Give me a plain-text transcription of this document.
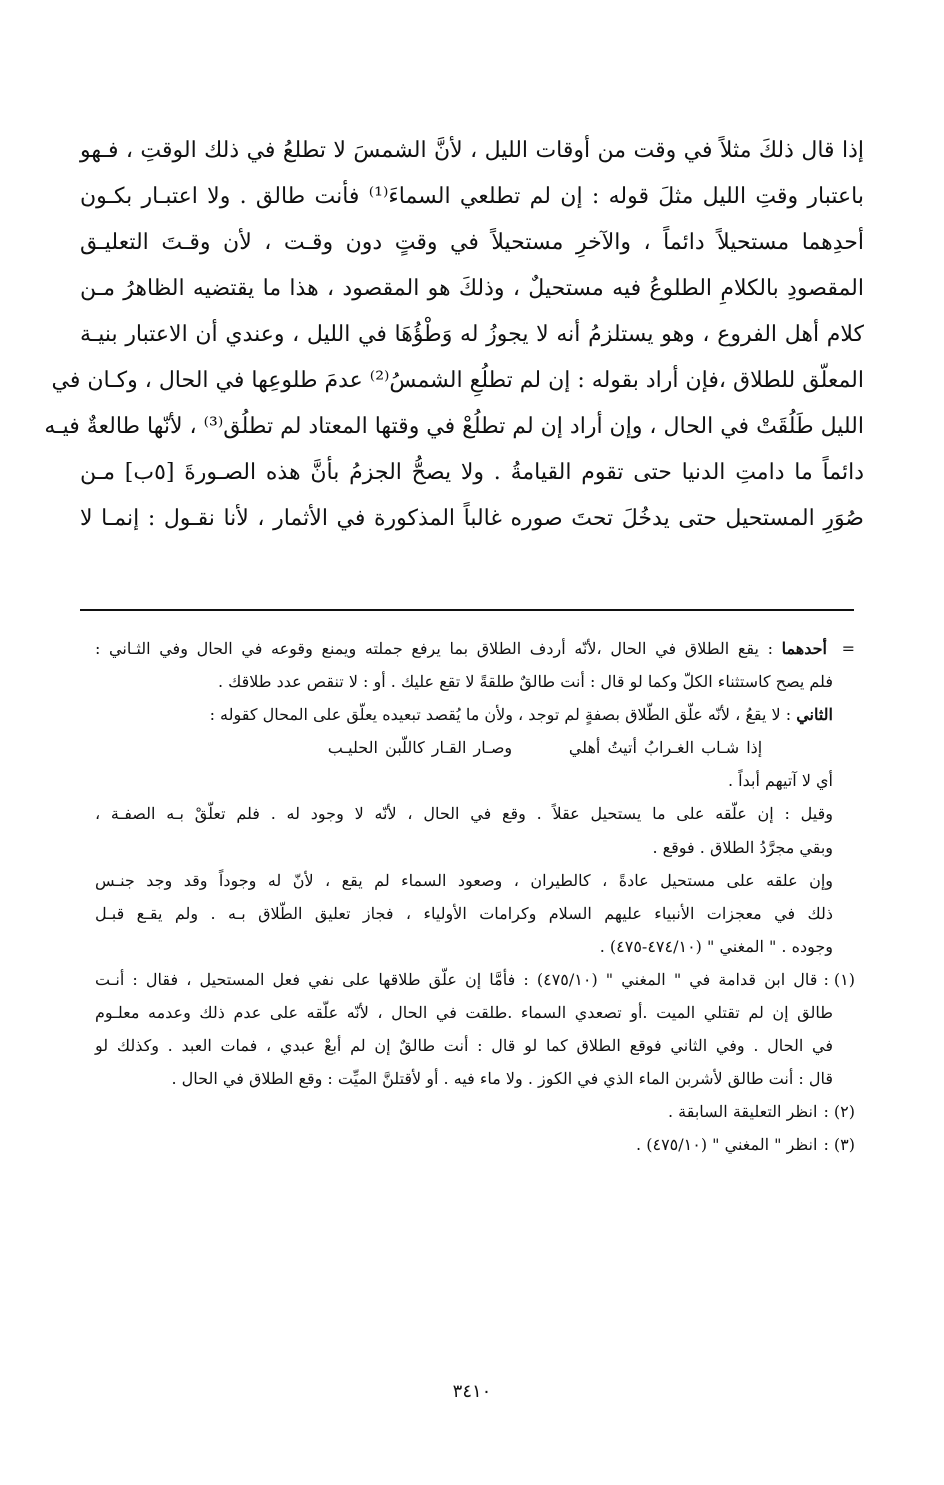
إذا قال ذلكَ مثلاً في وقت من أوقات الليل ، لأنَّ الشمسَ لا تطلعُ في ذلك الوقتِ ، فـهو
باعتبار وقتِ الليل مثلَ قوله : إن لم تطلعي السماءَ⁽¹⁾ فأنت طالق . ولا اعتبـار بكـون
أحدِهما مستحيلاً دائماً ، والآخرِ مستحيلاً في وقتٍ دون وقـت ، لأن وقـتَ التعليـق
المقصودِ بالكلامِ الطلوعُ فيه مستحيلٌ ، وذلكَ هو المقصود ، هذا ما يقتضيه الظاهرُ مـن
كلام أهل الفروع ، وهو يستلزمُ أنه لا يجوزُ له وَطْؤُهَا في الليل ، وعندي أن الاعتبار بنيـة
المعلّق للطلاق ،فإن أراد بقوله : إن لم تطلُعِ الشمسُ⁽²⁾ عدمَ طلوعِها في الحال ، وكـان في
الليل طَلُقَتْ في الحال ، وإن أراد إن لم تطلُعْ في وقتها المعتاد لم تطلُق⁽³⁾ ، لأنّها طالعةٌ فيـه
دائماً ما دامتِ الدنيا حتى تقوم القيامةُ . ولا يصحُّ الجزمُ بأنَّ هذه الصـورةَ [٥ب] مـن
صُوَرِ المستحيل حتى يدخُلَ تحتَ صوره غالباً المذكورة في الأثمار ، لأنا نقـول : إنمـا لا
= أحدهما : يقع الطلاق في الحال ،لأنّه أردف الطلاق بما يرفع جملته ويمنع وقوعه في الحال وفي الثـاني :
فلم يصح كاستثناء الكلّ وكما لو قال : أنت طالقٌ طلقةً لا تقع عليك . أو : لا تنقص عدد طلاقك .
الثاني : لا يقعُ ، لأنّه علّق الطّلاق بصفةٍ لم توجد ، ولأن ما يُقصد تبعيده يعلّق على المحال كقوله :
إذا شـاب الغـرابُ أتيتُ أهلي        وصـار القـار كاللّبن الحليـب
أي لا آتيهم أبداً .
وقيل : إن علّقه على ما يستحيل عقلاً . وقع في الحال ، لأنّه لا وجود له . فلم تعلّقْ بـه الصفـة ،
وبقي مجرَّدُ الطلاق . فوقع .
وإن علقه على مستحيل عادةً ، كالطيران ، وصعود السماء لم يقع ، لأنّ له وجوداً وقد وجد جنـس
ذلك في معجزات الأنبياء عليهم السلام وكرامات الأولياء ، فجاز تعليق الطّلاق بـه . ولم يقـع قبـل
وجوده . " المغني " (٤٧٤/١٠-٤٧٥) .
(١) :قال ابن قدامة في " المغني " (٤٧٥/١٠) : فأمَّا إن علّق طلاقها على نفي فعل المستحيل ، فقال : أنـت
طالق إن لم تقتلي الميت .أو تصعدي السماء .طلقت في الحال ، لأنّه علّقه على عدم ذلك وعدمه معلـوم
في الحال . وفي الثاني فوقع الطلاق كما لو قال : أنت طالقٌ إن لم أبعْ عبدي ، فمات العبد . وكذلك لو
قال : أنت طالق لأشربن الماء الذي في الكوز . ولا ماء فيه . أو لأقتلنَّ الميِّت : وقع الطلاق في الحال .
(٢) :انظر التعليقة السابقة .
(٣) :انظر " المغني " (٤٧٥/١٠) .
٣٤١٠
